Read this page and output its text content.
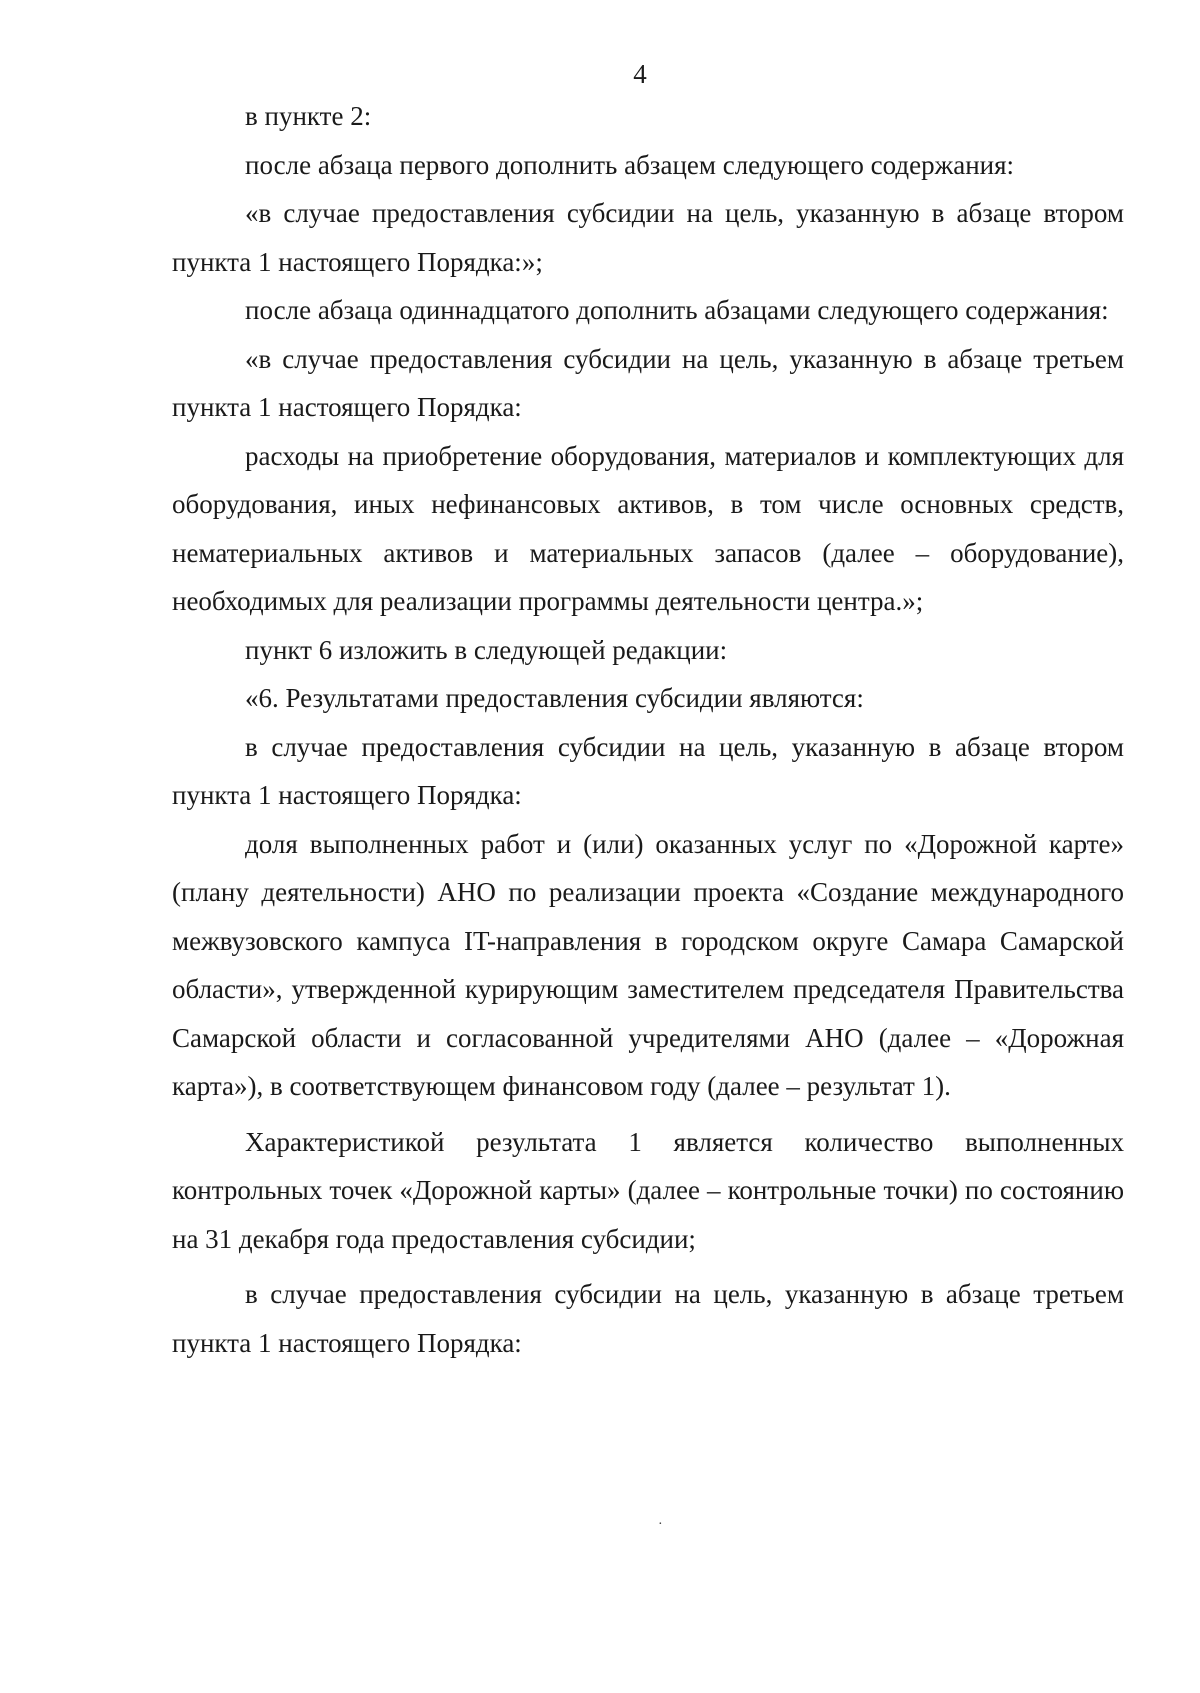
4

в пункте 2:

после абзаца первого дополнить абзацем следующего содержания:

«в случае предоставления субсидии на цель, указанную в абзаце втором пункта 1 настоящего Порядка:»;

после абзаца одиннадцатого дополнить абзацами следующего содержания:

«в случае предоставления субсидии на цель, указанную в абзаце третьем пункта 1 настоящего Порядка:

расходы на приобретение оборудования, материалов и комплектующих для оборудования, иных нефинансовых активов, в том числе основных средств, нематериальных активов и материальных запасов (далее – оборудование), необходимых для реализации программы деятельности центра.»;

пункт 6 изложить в следующей редакции:

«6. Результатами предоставления субсидии являются:

в случае предоставления субсидии на цель, указанную в абзаце втором пункта 1 настоящего Порядка:

доля выполненных работ и (или) оказанных услуг по «Дорожной карте» (плану деятельности) АНО по реализации проекта «Создание международного межвузовского кампуса IT-направления в городском округе Самара Самарской области», утвержденной курирующим заместителем председателя Правительства Самарской области и согласованной учредителями АНО (далее – «Дорожная карта»), в соответствующем финансовом году (далее – результат 1).

Характеристикой результата 1 является количество выполненных контрольных точек «Дорожной карты» (далее – контрольные точки) по состоянию на 31 декабря года предоставления субсидии;

в случае предоставления субсидии на цель, указанную в абзаце третьем пункта 1 настоящего Порядка:

·
